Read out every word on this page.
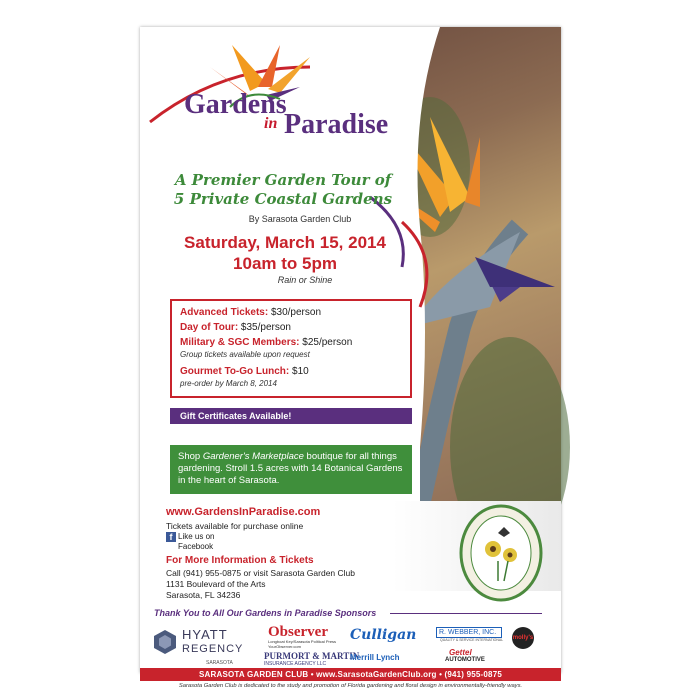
Gardens
in Paradise
A Premier Garden Tour of
5 Private Coastal Gardens
By Sarasota Garden Club
Saturday, March 15, 2014
10am to 5pm
Rain or Shine
Advanced Tickets: $30/person
Day of Tour: $35/person
Military & SGC Members: $25/person
Group tickets available upon request
Gourmet To-Go Lunch: $10
pre-order by March 8, 2014
Gift Certificates Available!
Shop Gardener's Marketplace boutique for all things gardening. Stroll 1.5 acres with 14 Botanical Gardens in the heart of Sarasota.
www.GardensInParadise.com
Tickets available for purchase online
f Like us on
Facebook
For More Information & Tickets
Call (941) 955-0875 or visit Sarasota Garden Club
1131 Boulevard of the Arts
Sarasota, FL 34236
Thank You to All Our Gardens in Paradise Sponsors
HYATT
REGENCY
SARASOTA
Observer
Longboat Key/Sarasota Political Press YourObserver.com
PURMORT & MARTIN
INSURANCE AGENCY LLC
Culligan
Merrill Lynch
R. WEBBER, INC.
QUALITY & SERVICE INTERNATIONAL
Gettel
AUTOMOTIVE
molly's
SARASOTA GARDEN CLUB • www.SarasotaGardenClub.org • (941) 955-0875
Sarasota Garden Club is dedicated to the study and promotion of Florida gardening and floral design in environmentally-friendly ways.
